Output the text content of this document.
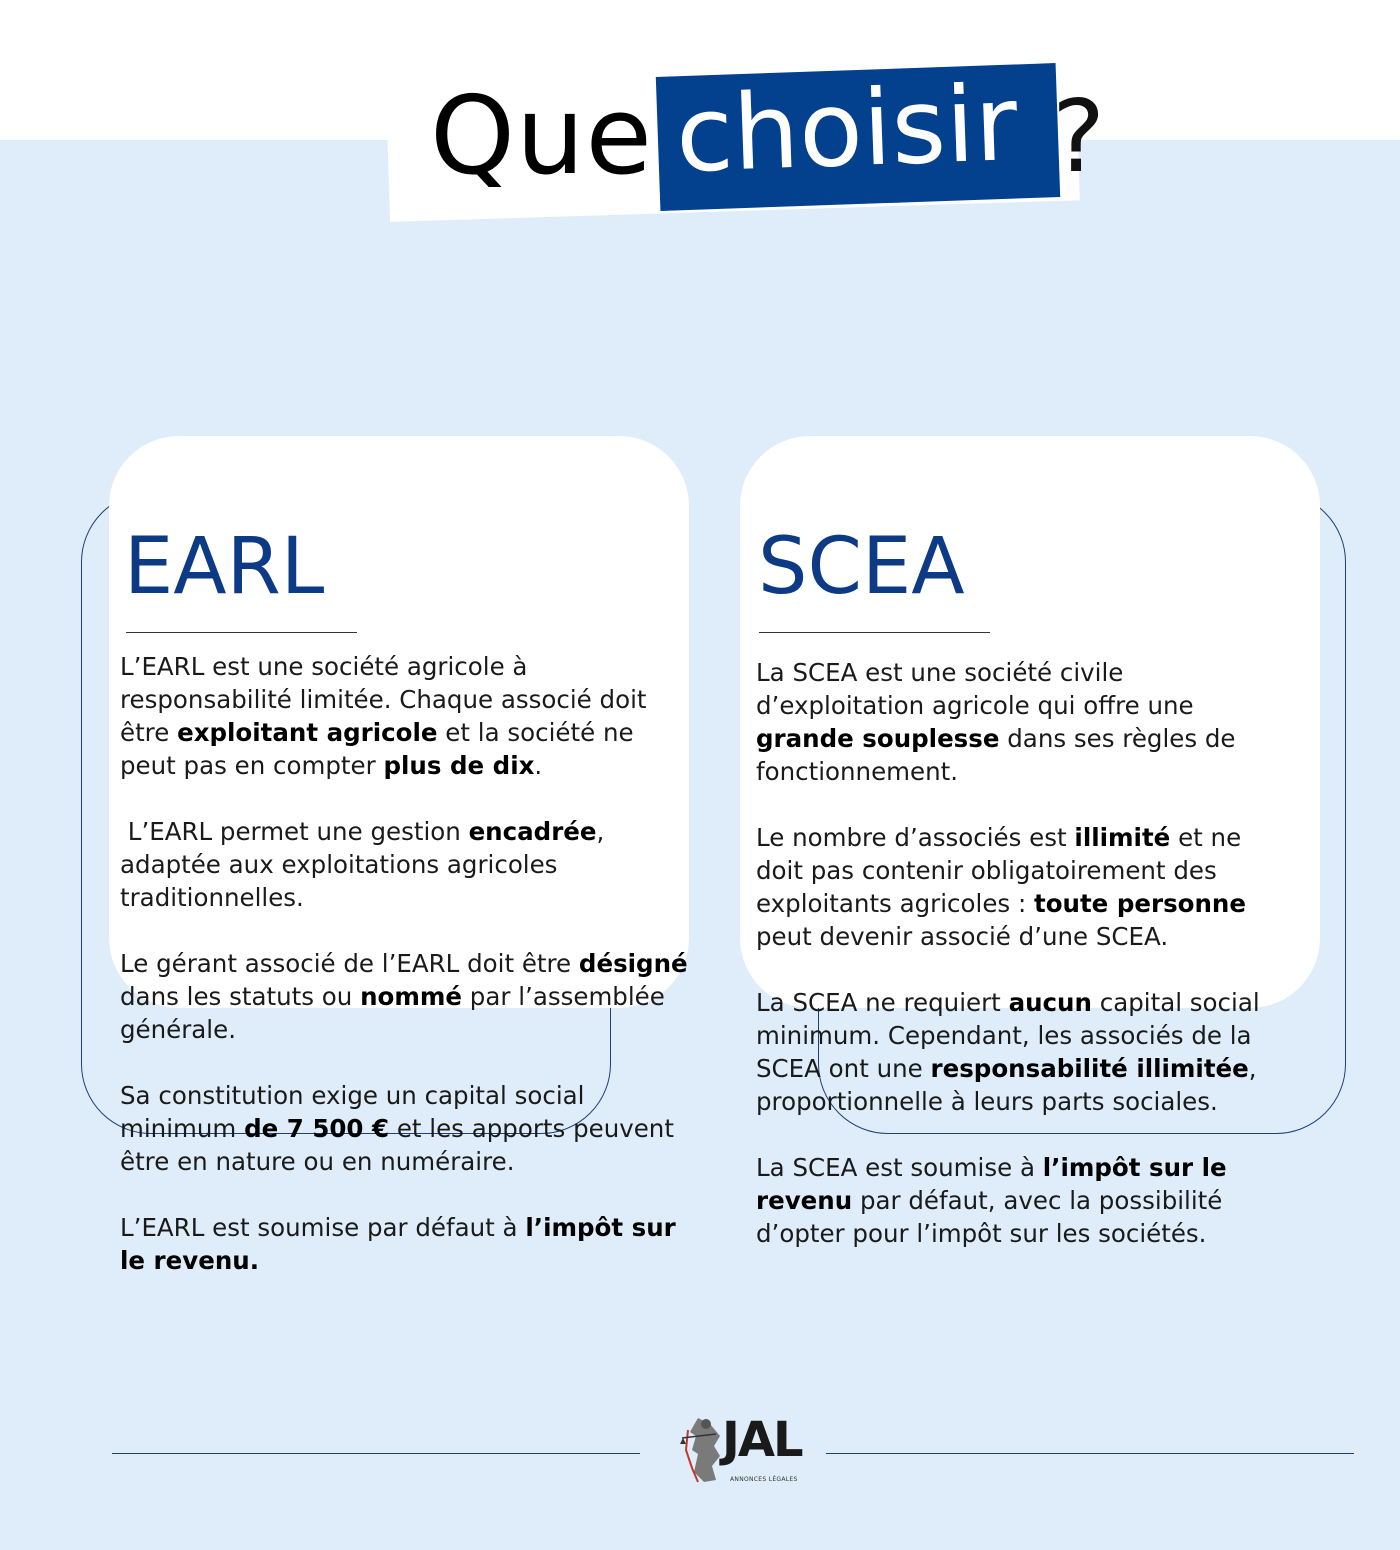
Que choisir ?
EARL

L’EARL est une société agricole à responsabilité limitée. Chaque associé doit être exploitant agricole et la société ne peut pas en compter plus de dix.

L’EARL permet une gestion encadrée, adaptée aux exploitations agricoles traditionnelles.

Le gérant associé de l’EARL doit être désigné dans les statuts ou nommé par l’assemblée générale.

Sa constitution exige un capital social minimum de 7 500 € et les apports peuvent être en nature ou en numéraire.

L’EARL est soumise par défaut à l’impôt sur le revenu.

SCEA

La SCEA est une société civile d’exploitation agricole qui offre une grande souplesse dans ses règles de fonctionnement.

Le nombre d’associés est illimité et ne doit pas contenir obligatoirement des exploitants agricoles : toute personne peut devenir associé d’une SCEA.

La SCEA ne requiert aucun capital social minimum. Cependant, les associés de la SCEA ont une responsabilité illimitée, proportionnelle à leurs parts sociales.

La SCEA est soumise à l’impôt sur le revenu par défaut, avec la possibilité d’opter pour l’impôt sur les sociétés.

JAL
ANNONCES LÉGALES
